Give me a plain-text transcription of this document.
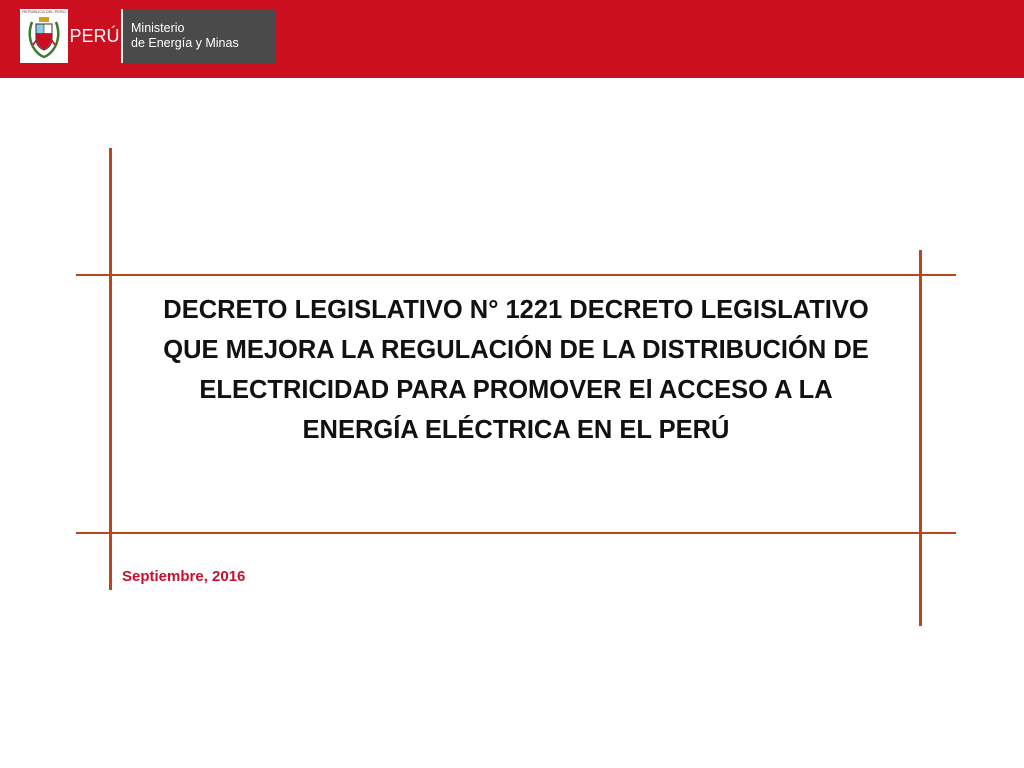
REPÚBLICA DEL PERÚ
PERÚ Ministerio
de Energía y Minas
DECRETO LEGISLATIVO N° 1221 DECRETO LEGISLATIVO QUE MEJORA LA REGULACIÓN DE LA DISTRIBUCIÓN DE ELECTRICIDAD PARA PROMOVER El ACCESO A LA ENERGÍA ELÉCTRICA EN EL PERÚ
Septiembre, 2016
